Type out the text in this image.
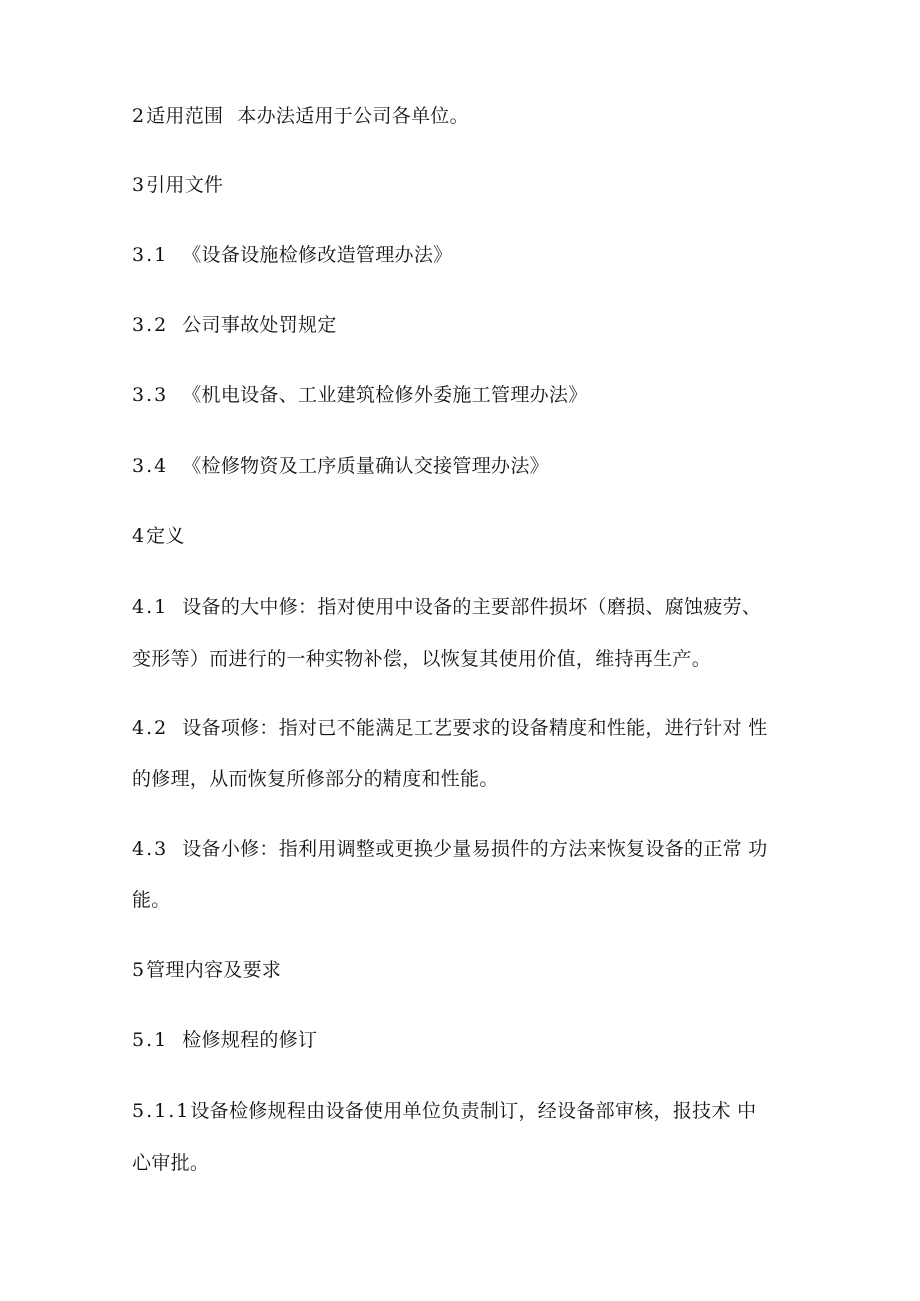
2适用范围 本办法适用于公司各单位。
3引用文件
3.1 《设备设施检修改造管理办法》
3.2 公司事故处罚规定
3.3 《机电设备、工业建筑检修外委施工管理办法》
3.4 《检修物资及工序质量确认交接管理办法》
4定义
4.1 设备的大中修：指对使用中设备的主要部件损坏（磨损、腐蚀疲劳、
变形等）而进行的一种实物补偿，以恢复其使用价值，维持再生产。
4.2 设备项修：指对已不能满足工艺要求的设备精度和性能，进行针对 性
的修理，从而恢复所修部分的精度和性能。
4.3 设备小修：指利用调整或更换少量易损件的方法来恢复设备的正常 功
能。
5管理内容及要求
5.1 检修规程的修订
5.1.1设备检修规程由设备使用单位负责制订，经设备部审核，报技术 中
心审批。
